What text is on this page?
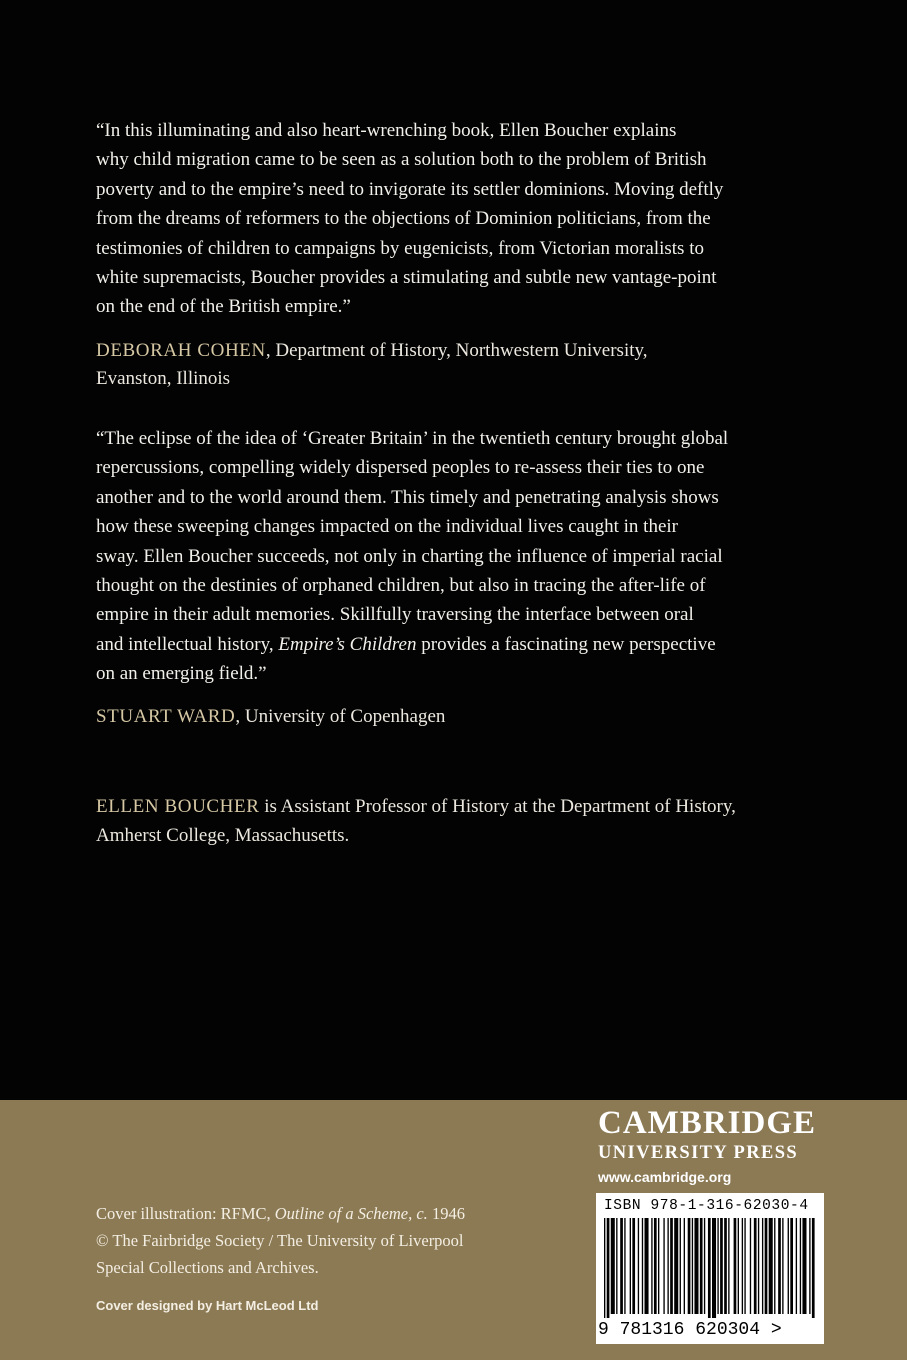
“In this illuminating and also heart-wrenching book, Ellen Boucher explains
why child migration came to be seen as a solution both to the problem of British
poverty and to the empire’s need to invigorate its settler dominions. Moving deftly
from the dreams of reformers to the objections of Dominion politicians, from the
testimonies of children to campaigns by eugenicists, from Victorian moralists to
white supremacists, Boucher provides a stimulating and subtle new vantage-point
on the end of the British empire.”
DEBORAH COHEN, Department of History, Northwestern University,
Evanston, Illinois
“The eclipse of the idea of ‘Greater Britain’ in the twentieth century brought global
repercussions, compelling widely dispersed peoples to re-assess their ties to one
another and to the world around them. This timely and penetrating analysis shows
how these sweeping changes impacted on the individual lives caught in their
sway. Ellen Boucher succeeds, not only in charting the influence of imperial racial
thought on the destinies of orphaned children, but also in tracing the after-life of
empire in their adult memories. Skillfully traversing the interface between oral
and intellectual history, Empire’s Children provides a fascinating new perspective
on an emerging field.”
STUART WARD, University of Copenhagen
ELLEN BOUCHER is Assistant Professor of History at the Department of History,
Amherst College, Massachusetts.
Cover illustration: RFMC, Outline of a Scheme, c. 1946
© The Fairbridge Society / The University of Liverpool
Special Collections and Archives.
Cover designed by Hart McLeod Ltd
CAMBRIDGE
UNIVERSITY PRESS
www.cambridge.org
ISBN 978-1-316-62030-4
9 781316 620304 >
